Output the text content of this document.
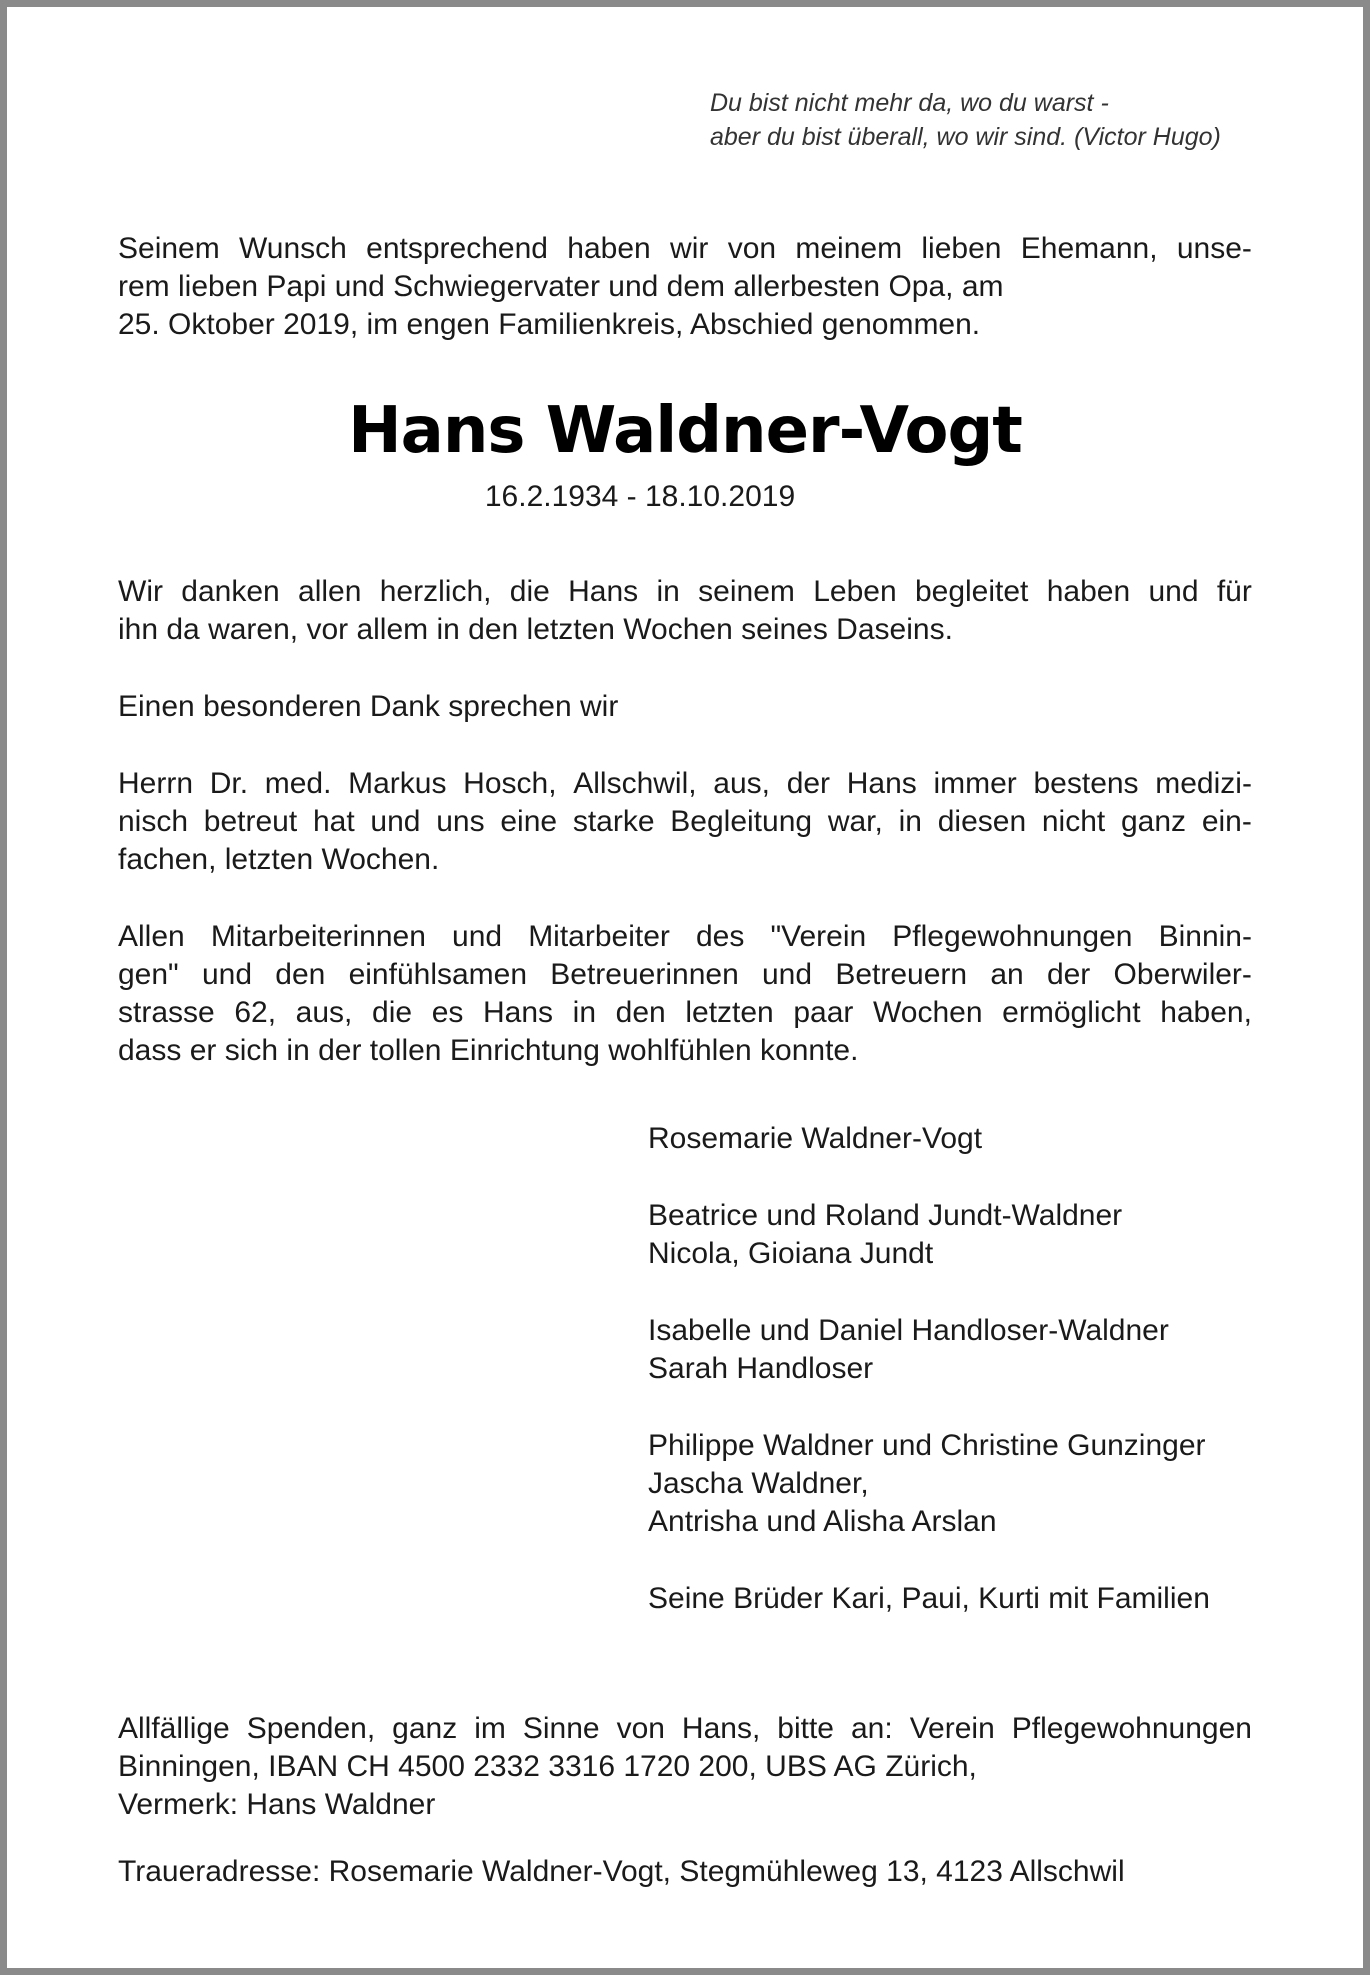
Du bist nicht mehr da, wo du warst -
aber du bist überall, wo wir sind. (Victor Hugo)
Seinem Wunsch entsprechend haben wir von meinem lieben Ehemann, unse-
rem lieben Papi und Schwiegervater und dem allerbesten Opa, am
25. Oktober 2019, im engen Familienkreis, Abschied genommen.
Hans Waldner-Vogt
16.2.1934 - 18.10.2019
Wir danken allen herzlich, die Hans in seinem Leben begleitet haben und für
ihn da waren, vor allem in den letzten Wochen seines Daseins.
Einen besonderen Dank sprechen wir
Herrn Dr. med. Markus Hosch, Allschwil, aus, der Hans immer bestens medizi-
nisch betreut hat und uns eine starke Begleitung war, in diesen nicht ganz ein-
fachen, letzten Wochen.
Allen Mitarbeiterinnen und Mitarbeiter des "Verein Pflegewohnungen Binnin-
gen" und den einfühlsamen Betreuerinnen und Betreuern an der Oberwiler-
strasse 62, aus, die es Hans in den letzten paar Wochen ermöglicht haben,
dass er sich in der tollen Einrichtung wohlfühlen konnte.
Allfällige Spenden, ganz im Sinne von Hans, bitte an: Verein Pflegewohnungen
Binningen, IBAN CH 4500 2332 3316 1720 200, UBS AG Zürich,
Vermerk: Hans Waldner
Traueradresse: Rosemarie Waldner-Vogt, Stegmühleweg 13, 4123 Allschwil
Rosemarie Waldner-Vogt
Beatrice und Roland Jundt-Waldner
Nicola, Gioiana Jundt
Isabelle und Daniel Handloser-Waldner
Sarah Handloser
Philippe Waldner und Christine Gunzinger
Jascha Waldner,
Antrisha und Alisha Arslan
Seine Brüder Kari, Paui, Kurti mit Familien
